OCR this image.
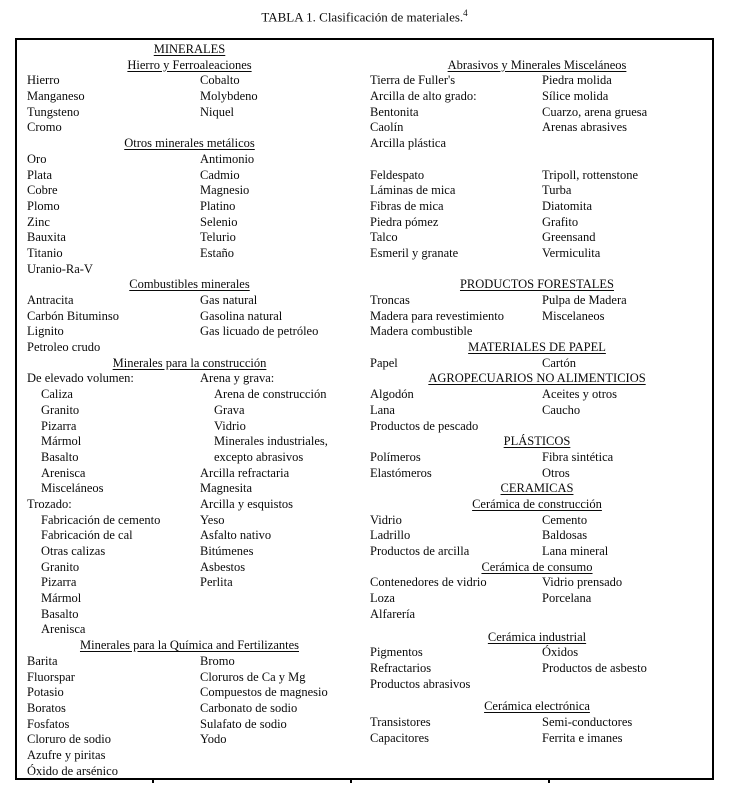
TABLA 1. Clasificación de materiales.$^4$
MINERALES
Hierro y Ferroaleaciones
Hierro	Cobalto
Manganeso	Molybdeno
Tungsteno	Niquel
Cromo
Otros minerales metálicos
Oro	Antimonio
Plata	Cadmio
Cobre	Magnesio
Plomo	Platino
Zinc	Selenio
Bauxita	Telurio
Titanio	Estaño
Uranio-Ra-V
Combustibles minerales
Antracita	Gas natural
Carbón Bituminso	Gasolina natural
Lignito	Gas licuado de petróleo
Petroleo crudo
Minerales para la construcción
De elevado volumen:	Arena y grava:
Caliza	Arena de construcción
Granito	Grava
Pizarra	Vidrio
Mármol	Minerales industriales,
Basalto	excepto abrasivos
Arenisca	Arcilla refractaria
Misceláneos	Magnesita
Trozado:	Arcilla y esquistos
Fabricación de cemento	Yeso
Fabricación de cal	Asfalto nativo
Otras calizas	Bitúmenes
Granito	Asbestos
Pizarra	Perlita
Mármol
Basalto
Arenisca
Minerales para la Química and Fertilizantes
Barita	Bromo
Fluorspar	Cloruros de Ca y Mg
Potasio	Compuestos de magnesio
Boratos	Carbonato de sodio
Fosfatos	Sulafato de sodio
Cloruro de sodio	Yodo
Azufre y piritas
Óxido de arsénico
Abrasivos y Minerales Misceláneos
Tierra de Fuller's	Piedra molida
Arcilla de alto grado:	Sílice molida
Bentonita	Cuarzo, arena gruesa
Caolín	Arenas abrasives
Arcilla plástica
Feldespato	Tripoll, rottenstone
Láminas de mica	Turba
Fibras de mica	Diatomita
Piedra pómez	Grafito
Talco	Greensand
Esmeril y granate	Vermiculita
PRODUCTOS FORESTALES
Troncas	Pulpa de Madera
Madera para revestimiento	Miscelaneos
Madera combustible
MATERIALES DE PAPEL
Papel	Cartón
AGROPECUARIOS NO ALIMENTICIOS
Algodón	Aceites y otros
Lana	Caucho
Productos de pescado
PLÁSTICOS
Polímeros	Fibra sintética
Elastómeros	Otros
CERAMICAS
Cerámica de construcción
Vidrio	Cemento
Ladrillo	Baldosas
Productos de arcilla	Lana mineral
Cerámica de consumo
Contenedores de vidrio	Vidrio prensado
Loza	Porcelana
Alfarería
Cerámica industrial
Pigmentos	Óxidos
Refractarios	Productos de asbesto
Productos abrasivos
Cerámica electrónica
Transistores	Semi-conductores
Capacitores	Ferrita e imanes
